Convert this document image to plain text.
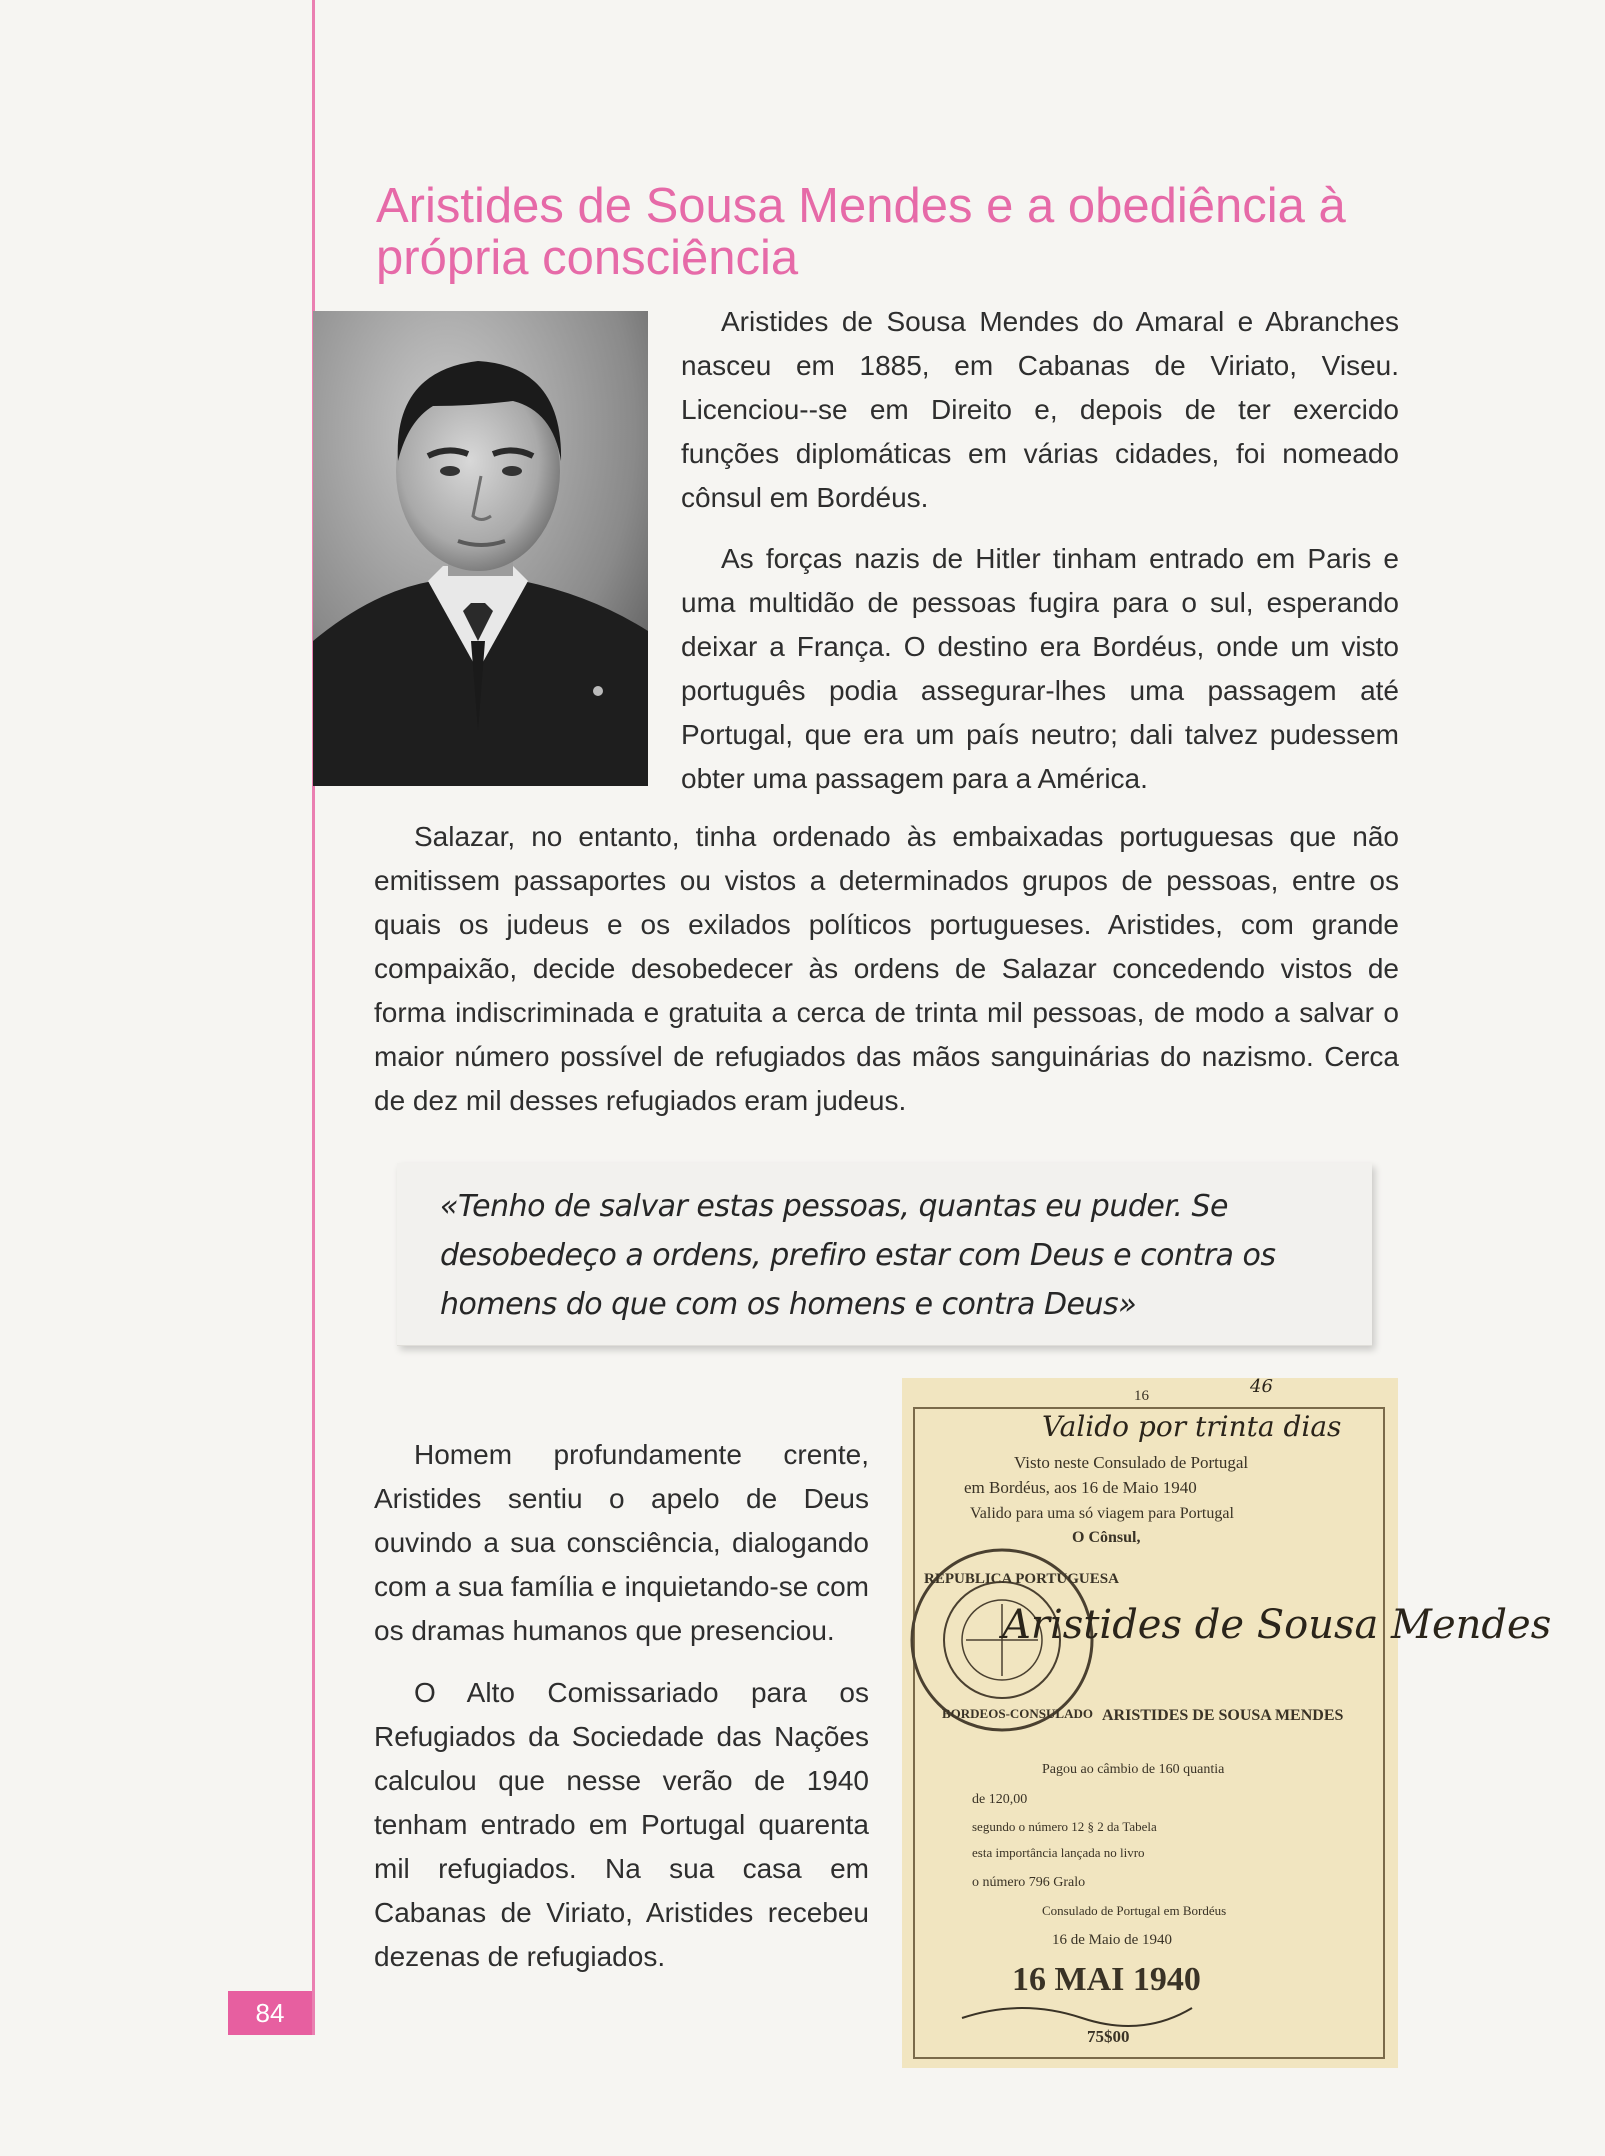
84
Aristides de Sousa Mendes e a obediência à própria consciência

Aristides de Sousa Mendes do Amaral e Abranches nasceu em 1885, em Cabanas de Viriato, Viseu. Licenciou--se em Direito e, depois de ter exercido funções diplomáticas em várias cidades, foi nomeado cônsul em Bordéus.

As forças nazis de Hitler tinham entrado em Paris e uma multidão de pessoas fugira para o sul, esperando deixar a França. O destino era Bordéus, onde um visto português podia assegurar-lhes uma passagem até Portugal, que era um país neutro; dali talvez pudessem obter uma passagem para a América.

Salazar, no entanto, tinha ordenado às embaixadas portuguesas que não emitissem passaportes ou vistos a determinados grupos de pessoas, entre os quais os judeus e os exilados políticos portugueses. Aristides, com grande compaixão, decide desobedecer às ordens de Salazar concedendo vistos de forma indiscriminada e gratuita a cerca de trinta mil pessoas, de modo a salvar o maior número possível de refugiados das mãos sanguinárias do nazismo. Cerca de dez mil desses refugiados eram judeus.

«Tenho de salvar estas pessoas, quantas eu puder. Se desobedeço a ordens, prefiro estar com Deus e contra os homens do que com os homens e contra Deus»

Homem profundamente crente, Aristides sentiu o apelo de Deus ouvindo a sua consciência, dialogando com a sua família e inquietando-se com os dramas humanos que presenciou.

O Alto Comissariado para os Refugiados da Sociedade das Nações calculou que nesse verão de 1940 tenham entrado em Portugal quarenta mil refugiados. Na sua casa em Cabanas de Viriato, Aristides recebeu dezenas de refugiados.

16	46
Valido por trinta dias
Visto neste Consulado de Portugal
em Bordéus, aos 16 de Maio 1940
Valido para uma só viagem para Portugal
O Cônsul,
REPUBLICA PORTUGUESA
BORDEOS-CONSULADO
Aristides de Sousa Mendes
ARISTIDES DE SOUSA MENDES
Pagou ao câmbio de 160 quantia
de 120,00
segundo o número 12 § 2 da Tabela
esta importância lançada no livro
o número 796 Gralo
Consulado de Portugal em Bordéus
16 de Maio de 1940
16 MAI 1940
75$00
